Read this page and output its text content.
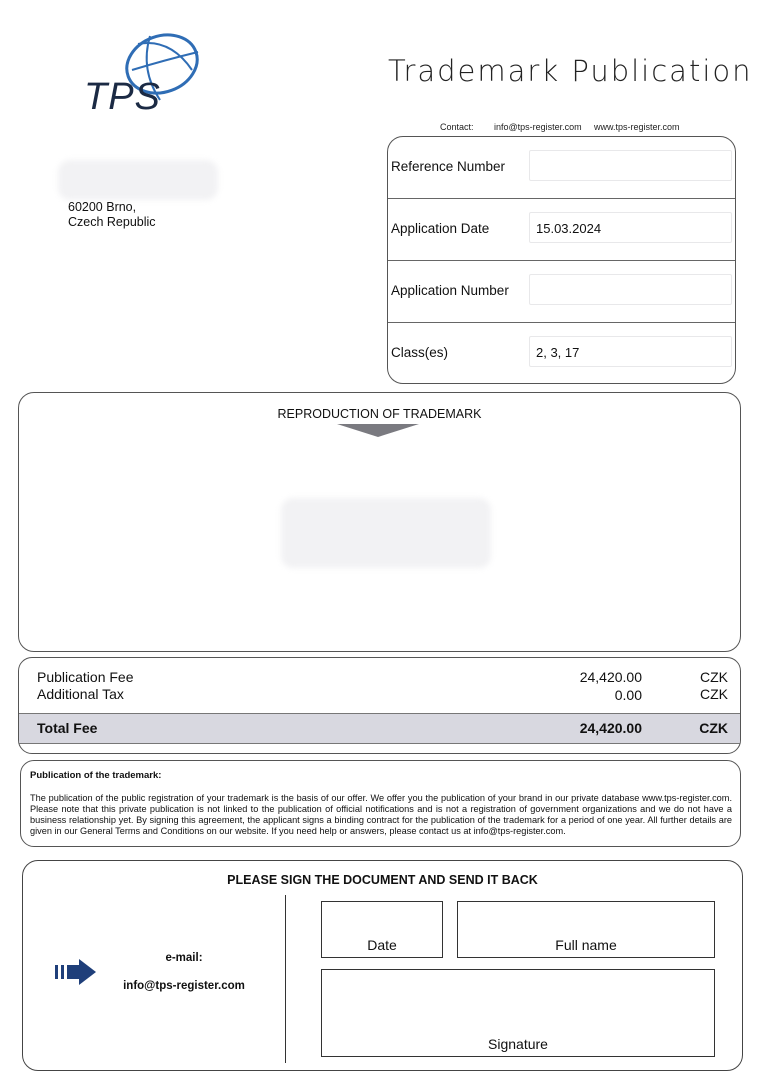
TPS
Trademark Publication
Contact: info@tps-register.com www.tps-register.com
60200 Brno,
Czech Republic
Reference Number
Application Date	15.03.2024
Application Number
Class(es)	2, 3, 17
REPRODUCTION OF TRADEMARK
Publication Fee	24,420.00	CZK
Additional Tax	0.00	CZK
Total Fee	24,420.00	CZK
Publication of the trademark:
The publication of the public registration of your trademark is the basis of our offer. We offer you the publication of your brand in our private database www.tps-register.com. Please note that this private publication is not linked to the publication of official notifications and is not a registration of government organizations and we do not have a business relationship yet. By signing this agreement, the applicant signs a binding contract for the publication of the trademark for a period of one year. All further details are given in our General Terms and Conditions on our website. If you need help or answers, please contact us at info@tps-register.com.
PLEASE SIGN THE DOCUMENT AND SEND IT BACK
e-mail:
info@tps-register.com
Date	Full name
Signature
